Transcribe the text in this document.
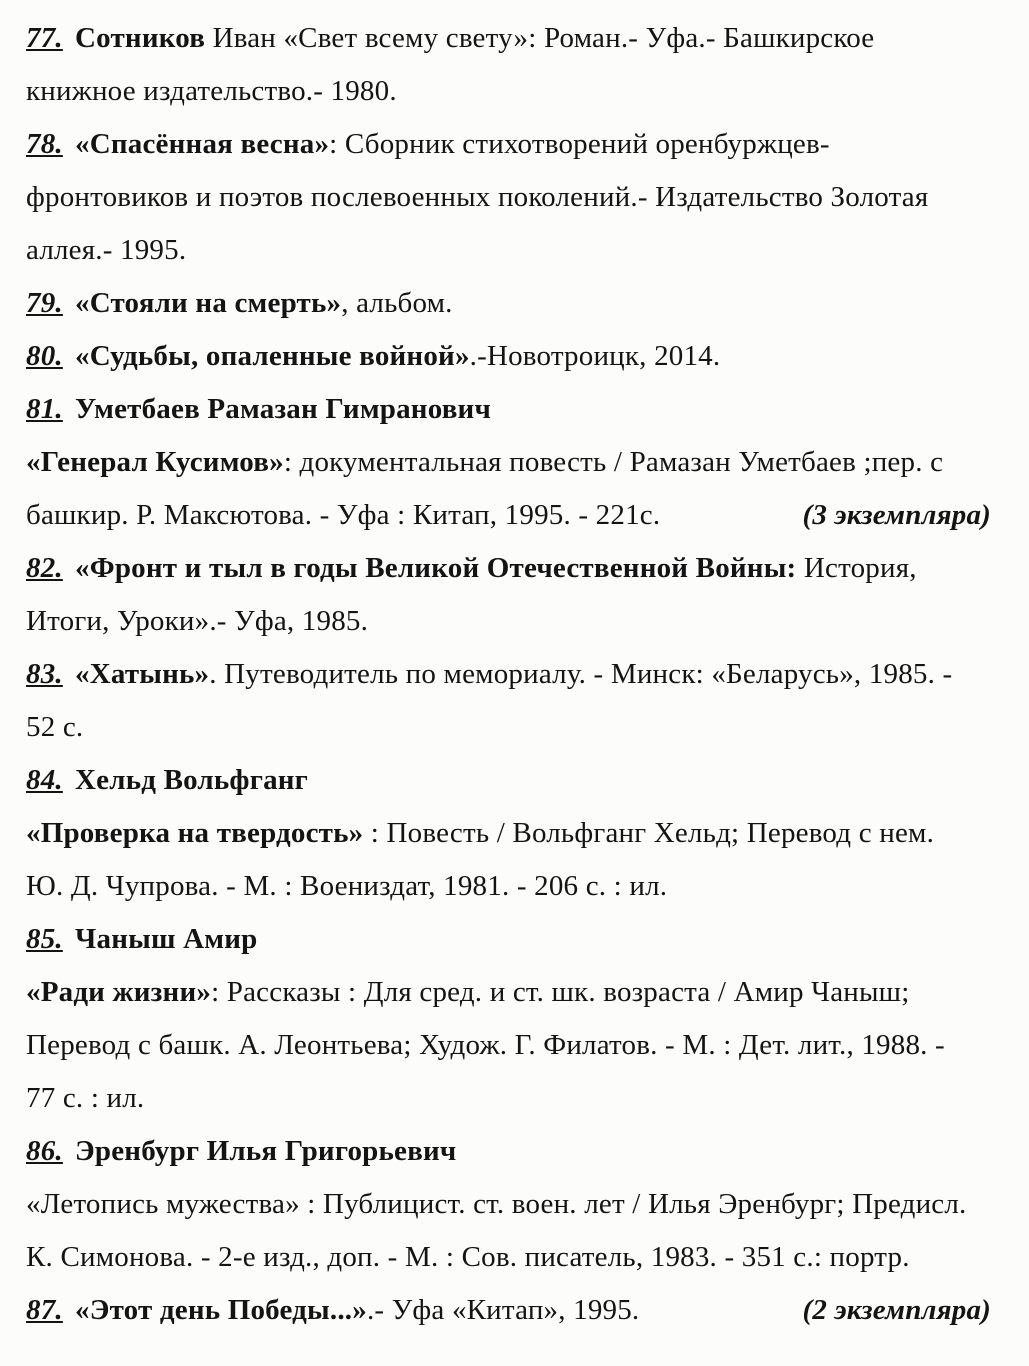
77. Сотников Иван «Свет всему свету»: Роман.- Уфа.- Башкирское
книжное издательство.- 1980.
78. «Спасённая весна»: Сборник стихотворений оренбуржцев-
фронтовиков и поэтов послевоенных поколений.- Издательство Золотая
аллея.- 1995.
79. «Стояли на смерть», альбом.
80. «Судьбы, опаленные войной».-Новотроицк, 2014.
81. Уметбаев Рамазан Гимранович
«Генерал Кусимов»: документальная повесть / Рамазан Уметбаев ;пер. с
башкир. Р. Максютова. - Уфа : Китап, 1995. - 221с.	(3 экземпляра)
82. «Фронт и тыл в годы Великой Отечественной Войны: История,
Итоги, Уроки».- Уфа, 1985.
83. «Хатынь». Путеводитель по мемориалу. - Минск: «Беларусь», 1985. -
52 с.
84. Хельд Вольфганг
«Проверка на твердость» : Повесть / Вольфганг Хельд; Перевод с нем.
Ю. Д. Чупрова. - М. : Воениздат, 1981. - 206 с. : ил.
85. Чаныш Амир
«Ради жизни»: Рассказы : Для сред. и ст. шк. возраста / Амир Чаныш;
Перевод с башк. А. Леонтьева; Худож. Г. Филатов. - М. : Дет. лит., 1988. -
77 с. : ил.
86. Эренбург Илья Григорьевич
«Летопись мужества» : Публицист. ст. воен. лет / Илья Эренбург; Предисл.
К. Симонова. - 2-е изд., доп. - М. : Сов. писатель, 1983. - 351 с.: портр.
87. «Этот день Победы...».- Уфа «Китап», 1995.	(2 экземпляра)
